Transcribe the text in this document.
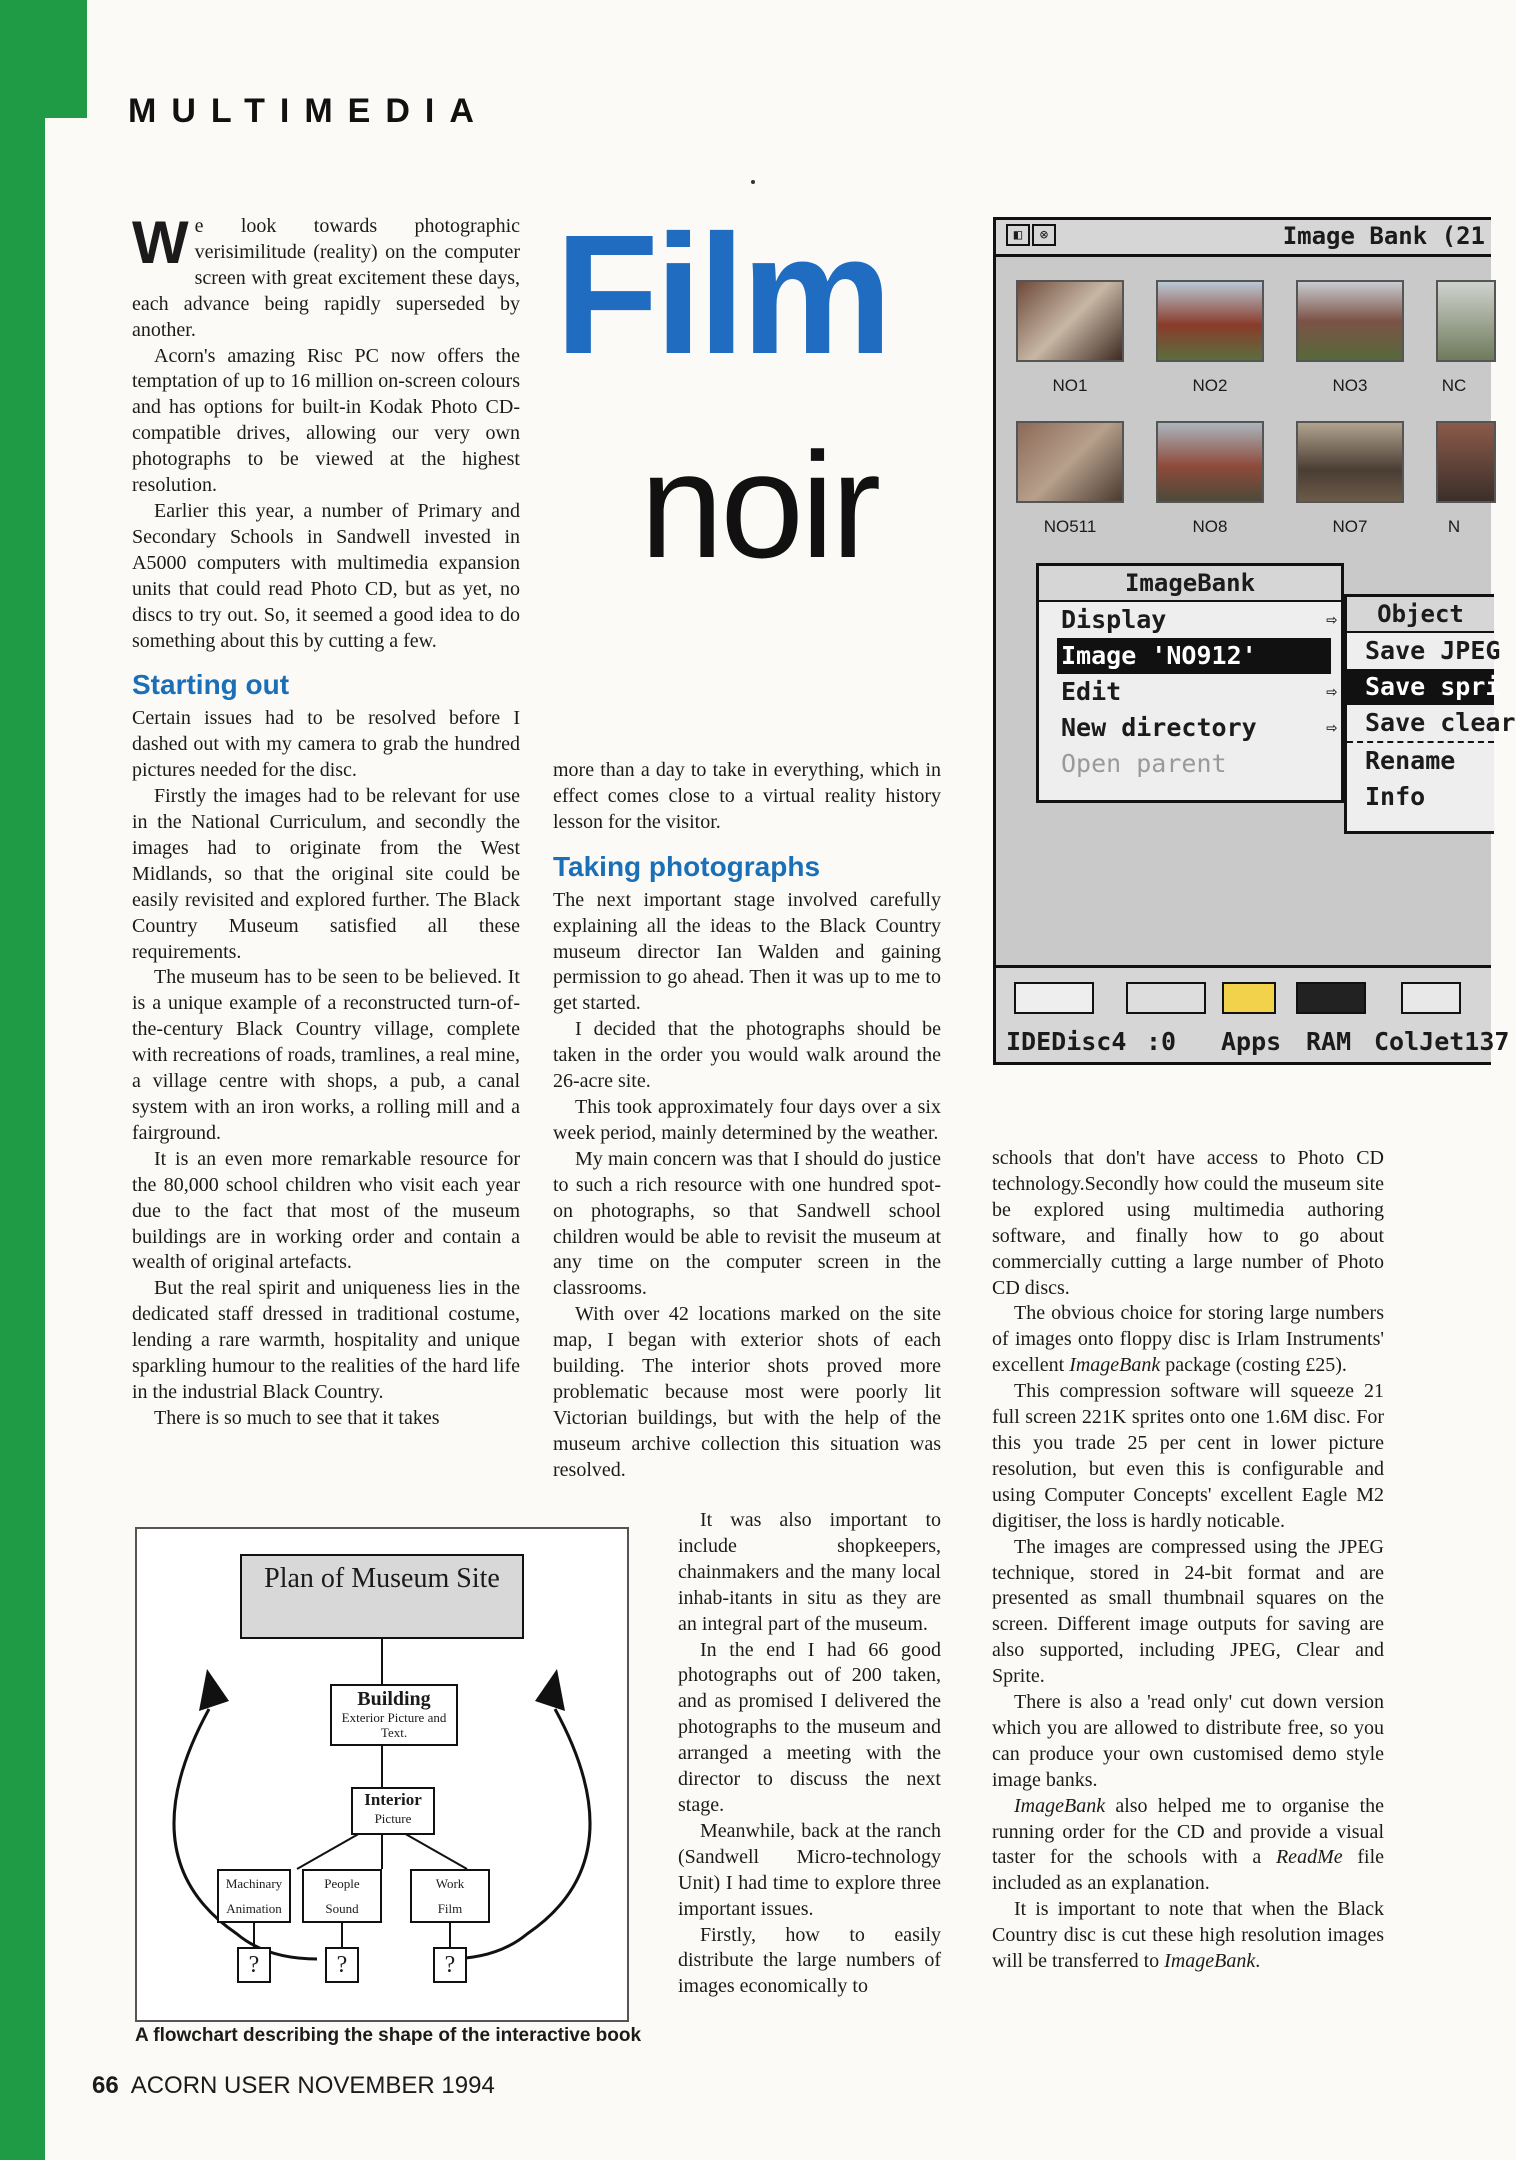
MULTIMEDIA

We look towards photographic verisimilitude (reality) on the computer screen with great excitement these days, each advance being rapidly superseded by another.

Acorn's amazing Risc PC now offers the temptation of up to 16 million on-screen colours and has options for built-in Kodak Photo CD-compatible drives, allowing our very own photographs to be viewed at the highest resolution.

Earlier this year, a number of Primary and Secondary Schools in Sandwell invested in A5000 computers with multimedia expansion units that could read Photo CD, but as yet, no discs to try out. So, it seemed a good idea to do something about this by cutting a few.

Starting out

Certain issues had to be resolved before I dashed out with my camera to grab the hundred pictures needed for the disc.

Firstly the images had to be relevant for use in the National Curriculum, and secondly the images had to originate from the West Midlands, so that the original site could be easily revisited and explored further. The Black Country Museum satisfied all these requirements.

The museum has to be seen to be believed. It is a unique example of a reconstructed turn-of-the-century Black Country village, complete with recreations of roads, tramlines, a real mine, a village centre with shops, a pub, a canal system with an iron works, a rolling mill and a fairground.

It is an even more remarkable resource for the 80,000 school children who visit each year due to the fact that most of the museum buildings are in working order and contain a wealth of original artefacts.

But the real spirit and uniqueness lies in the dedicated staff dressed in traditional costume, lending a rare warmth, hospitality and unique sparkling humour to the realities of the hard life in the industrial Black Country.

There is so much to see that it takes

Film
noir

more than a day to take in everything, which in effect comes close to a virtual reality history lesson for the visitor.

Taking photographs

The next important stage involved carefully explaining all the ideas to the Black Country museum director Ian Walden and gaining permission to go ahead. Then it was up to me to get started.

I decided that the photographs should be taken in the order you would walk around the 26-acre site.

This took approximately four days over a six week period, mainly determined by the weather.

My main concern was that I should do justice to such a rich resource with one hundred spot-on photographs, so that Sandwell school children would be able to revisit the museum at any time on the computer screen in the classrooms.

With over 42 locations marked on the site map, I began with exterior shots of each building. The interior shots proved more problematic because most were poorly lit Victorian buildings, but with the help of the museum archive collection this situation was resolved.

It was also important to include shopkeepers, chainmakers and the many local inhab-itants in situ as they are an integral part of the museum.

In the end I had 66 good photographs out of 200 taken, and as promised I delivered the photographs to the museum and arranged a meeting with the director to discuss the next stage.

Meanwhile, back at the ranch (Sandwell Micro-technology Unit) I had time to explore three important issues.

Firstly, how to easily distribute the large numbers of images economically to

schools that don't have access to Photo CD technology.Secondly how could the museum site be explored using multimedia authoring software, and finally how to go about commercially cutting a large number of Photo CD discs.

The obvious choice for storing large numbers of images onto floppy disc is Irlam Instruments' excellent ImageBank package (costing £25).

This compression software will squeeze 21 full screen 221K sprites onto one 1.6M disc. For this you trade 25 per cent in lower picture resolution, but even this is configurable and using Computer Concepts' excellent Eagle M2 digitiser, the loss is hardly noticable.

The images are compressed using the JPEG technique, stored in 24-bit format and are presented as small thumbnail squares on the screen. Different image outputs for saving are also supported, including JPEG, Clear and Sprite.

There is also a 'read only' cut down version which you are allowed to distribute free, so you can produce your own customised demo style image banks.

ImageBank also helped me to organise the running order for the CD and provide a visual taster for the schools with a ReadMe file included as an explanation.

It is important to note that when the Black Country disc is cut these high resolution images will be transferred to ImageBank.

◧	⊗	Image Bank (21
NO1	NO2	NO3	NC
NO511	NO8	NO7	N
ImageBank
Display	⇨
Image 'NO912'
Edit	⇨
New directory	⇨
Open parent
Object
Save JPEG
Save spri
Save clear
Rename
Info
IDEDisc4 :0 Apps RAM ColJet137
Plan of Museum Site
Building
Exterior Picture and Text.
Interior
Picture
Machinary
Animation
People
Sound
Work
Film
?	?	?
A flowchart describing the shape of the interactive book
66 ACORN USER NOVEMBER 1994
